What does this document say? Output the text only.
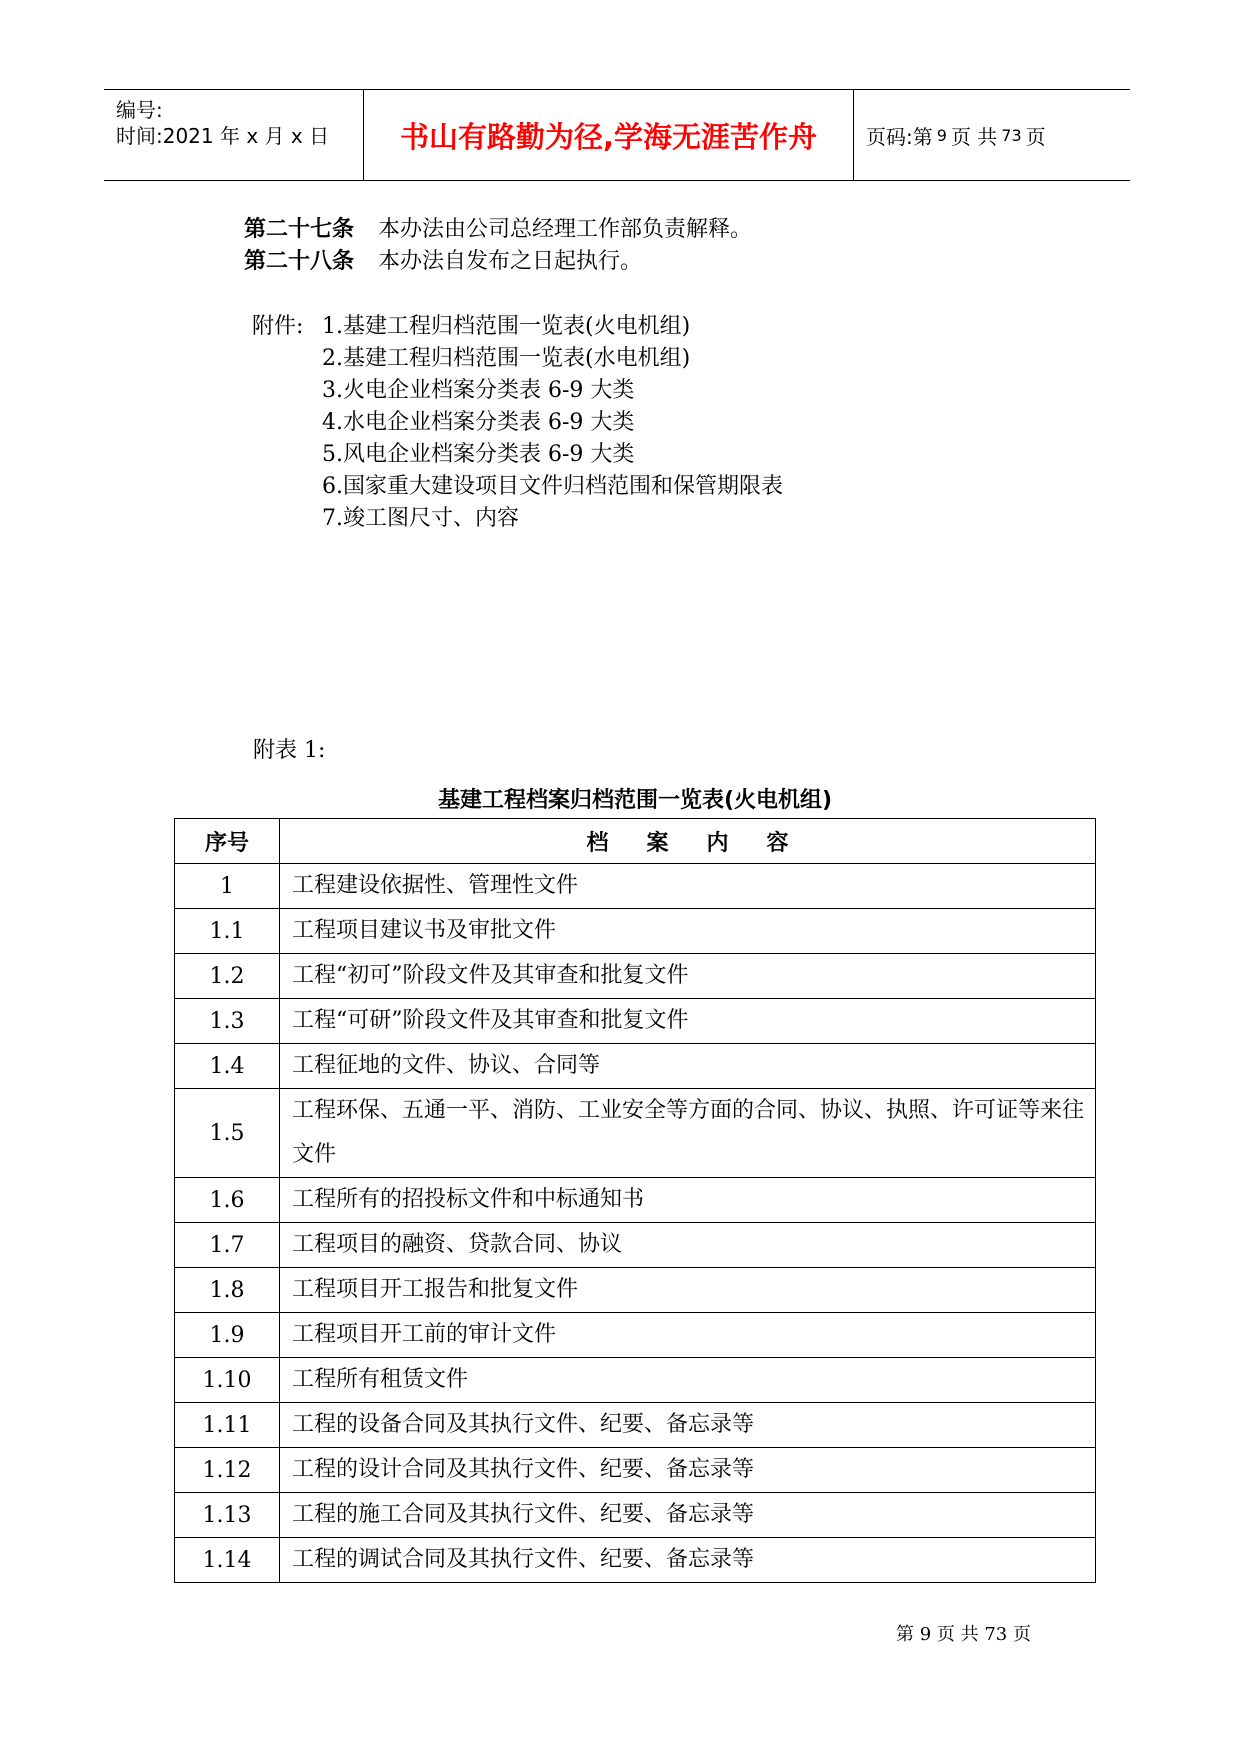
编号:
时间:2021 年 x 月 x 日	书山有路勤为径,学海无涯苦作舟	页码:第 9 页 共 73 页
第二十七条 本办法由公司总经理工作部负责解释。
第二十八条 本办法自发布之日起执行。
附件: 1.基建工程归档范围一览表(火电机组)
2.基建工程归档范围一览表(水电机组)
3.火电企业档案分类表 6-9 大类
4.水电企业档案分类表 6-9 大类
5.风电企业档案分类表 6-9 大类
6.国家重大建设项目文件归档范围和保管期限表
7.竣工图尺寸、内容
附表 1:
基建工程档案归档范围一览表(火电机组)
序号	档案内容
1	工程建设依据性、管理性文件
1.1	工程项目建议书及审批文件
1.2	工程“初可”阶段文件及其审查和批复文件
1.3	工程“可研”阶段文件及其审查和批复文件
1.4	工程征地的文件、协议、合同等
1.5	工程环保、五通一平、消防、工业安全等方面的合同、协议、执照、许可证等来往文件
1.6	工程所有的招投标文件和中标通知书
1.7	工程项目的融资、贷款合同、协议
1.8	工程项目开工报告和批复文件
1.9	工程项目开工前的审计文件
1.10	工程所有租赁文件
1.11	工程的设备合同及其执行文件、纪要、备忘录等
1.12	工程的设计合同及其执行文件、纪要、备忘录等
1.13	工程的施工合同及其执行文件、纪要、备忘录等
1.14	工程的调试合同及其执行文件、纪要、备忘录等
第 9 页 共 73 页
